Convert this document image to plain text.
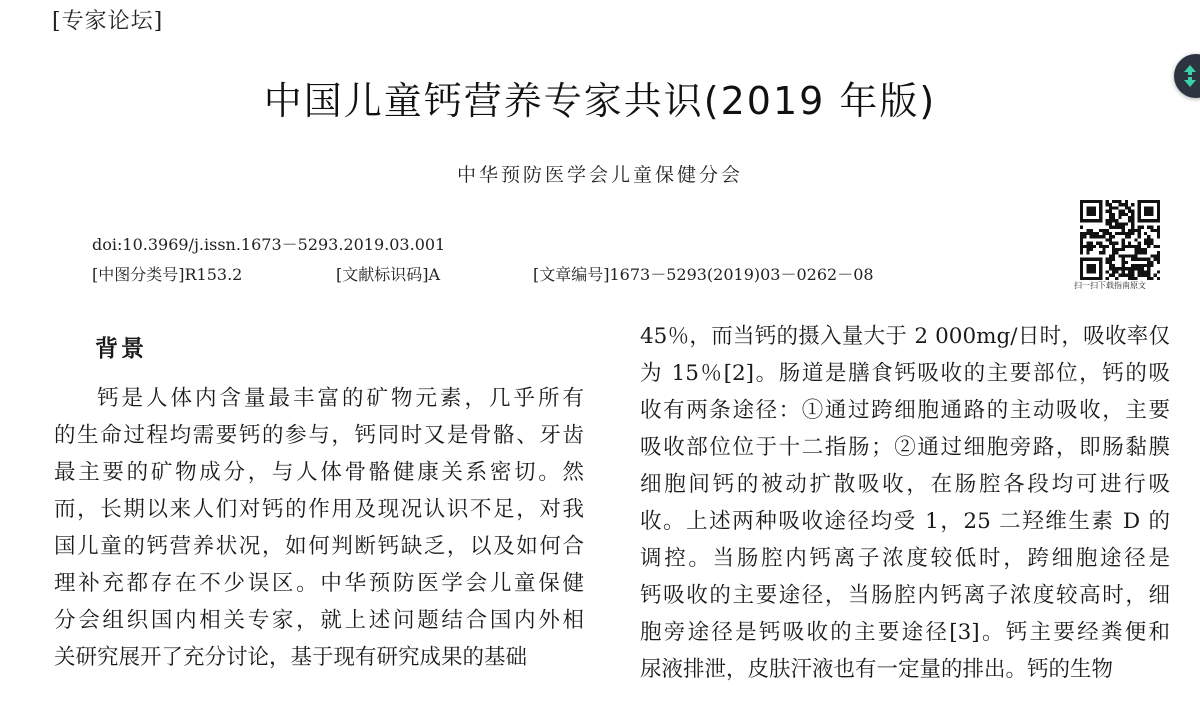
[专家论坛]
中国儿童钙营养专家共识(2019 年版)
中华预防医学会儿童保健分会
doi:10.3969/j.issn.1673－5293.2019.03.001
[中图分类号]R153.2	[文献标识码]A	[文章编号]1673－5293(2019)03－0262－08
扫一扫下载指南原文
背景
钙是人体内含量最丰富的矿物元素，几乎所有
的生命过程均需要钙的参与，钙同时又是骨骼、牙齿
最主要的矿物成分，与人体骨骼健康关系密切。然
而，长期以来人们对钙的作用及现况认识不足，对我
国儿童的钙营养状况，如何判断钙缺乏，以及如何合
理补充都存在不少误区。中华预防医学会儿童保健
分会组织国内相关专家，就上述问题结合国内外相
关研究展开了充分讨论，基于现有研究成果的基础
45％，而当钙的摄入量大于 2 000mg/日时，吸收率仅
为 15％[2]。肠道是膳食钙吸收的主要部位，钙的吸
收有两条途径：①通过跨细胞通路的主动吸收，主要
吸收部位位于十二指肠；②通过细胞旁路，即肠黏膜
细胞间钙的被动扩散吸收，在肠腔各段均可进行吸
收。上述两种吸收途径均受 1，25 二羟维生素 D 的
调控。当肠腔内钙离子浓度较低时，跨细胞途径是
钙吸收的主要途径，当肠腔内钙离子浓度较高时，细
胞旁途径是钙吸收的主要途径[3]。钙主要经粪便和
尿液排泄，皮肤汗液也有一定量的排出。钙的生物
